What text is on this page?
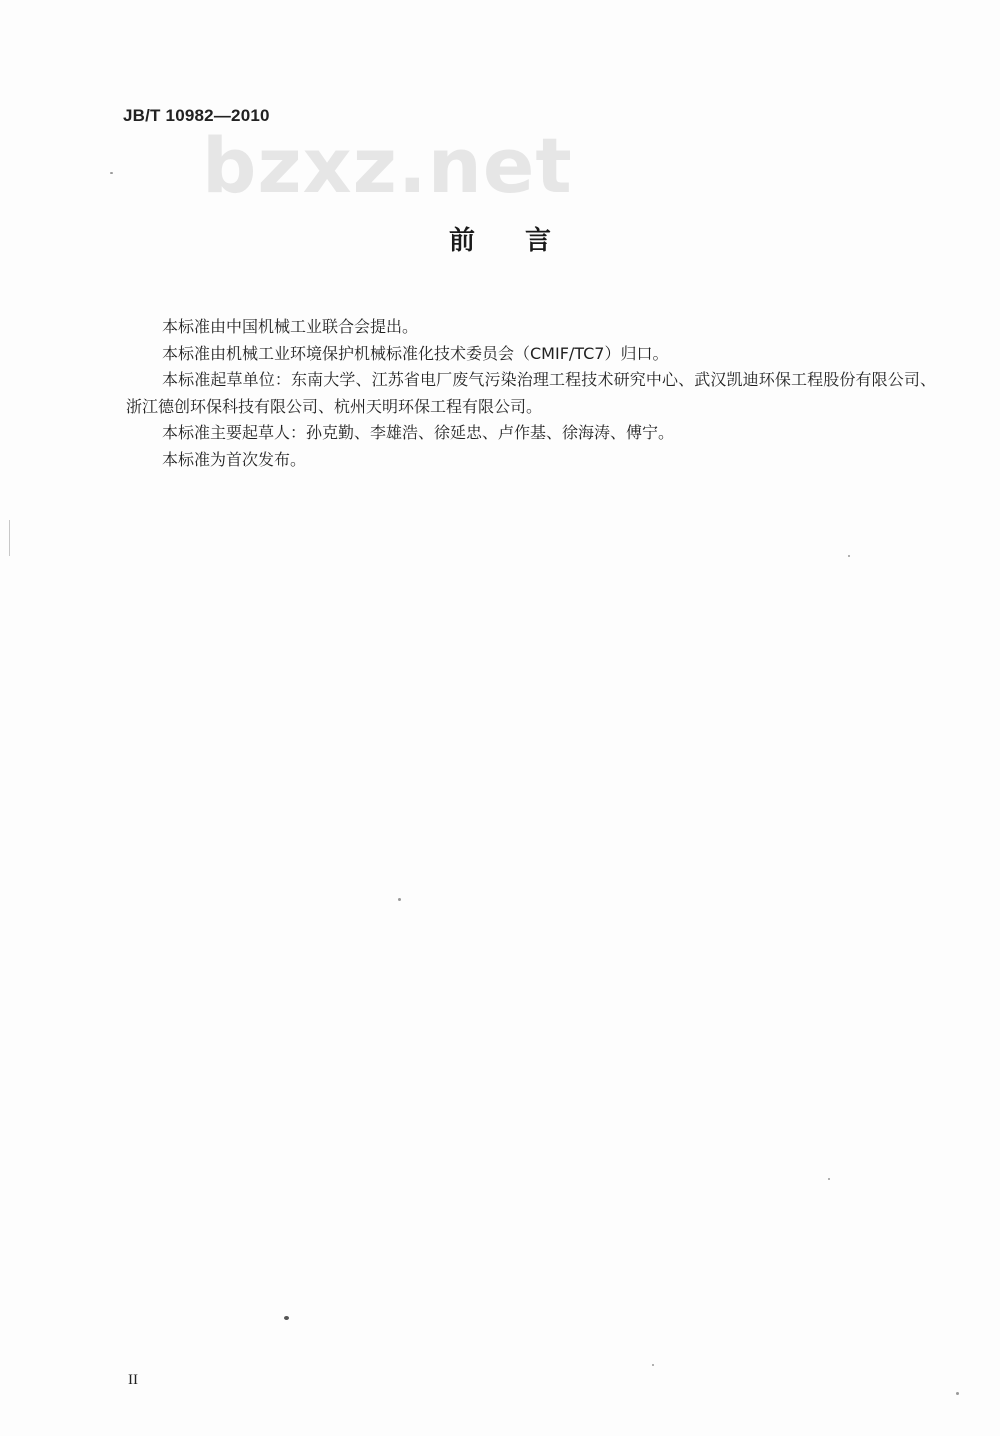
JB/T 10982—2010
bzxz.net
前言

本标准由中国机械工业联合会提出。

本标准由机械工业环境保护机械标准化技术委员会（CMIF/TC7）归口。

本标准起草单位：东南大学、江苏省电厂废气污染治理工程技术研究中心、武汉凯迪环保工程股份有限公司、浙江德创环保科技有限公司、杭州天明环保工程有限公司。

本标准主要起草人：孙克勤、李雄浩、徐延忠、卢作基、徐海涛、傅宁。

本标准为首次发布。

II
